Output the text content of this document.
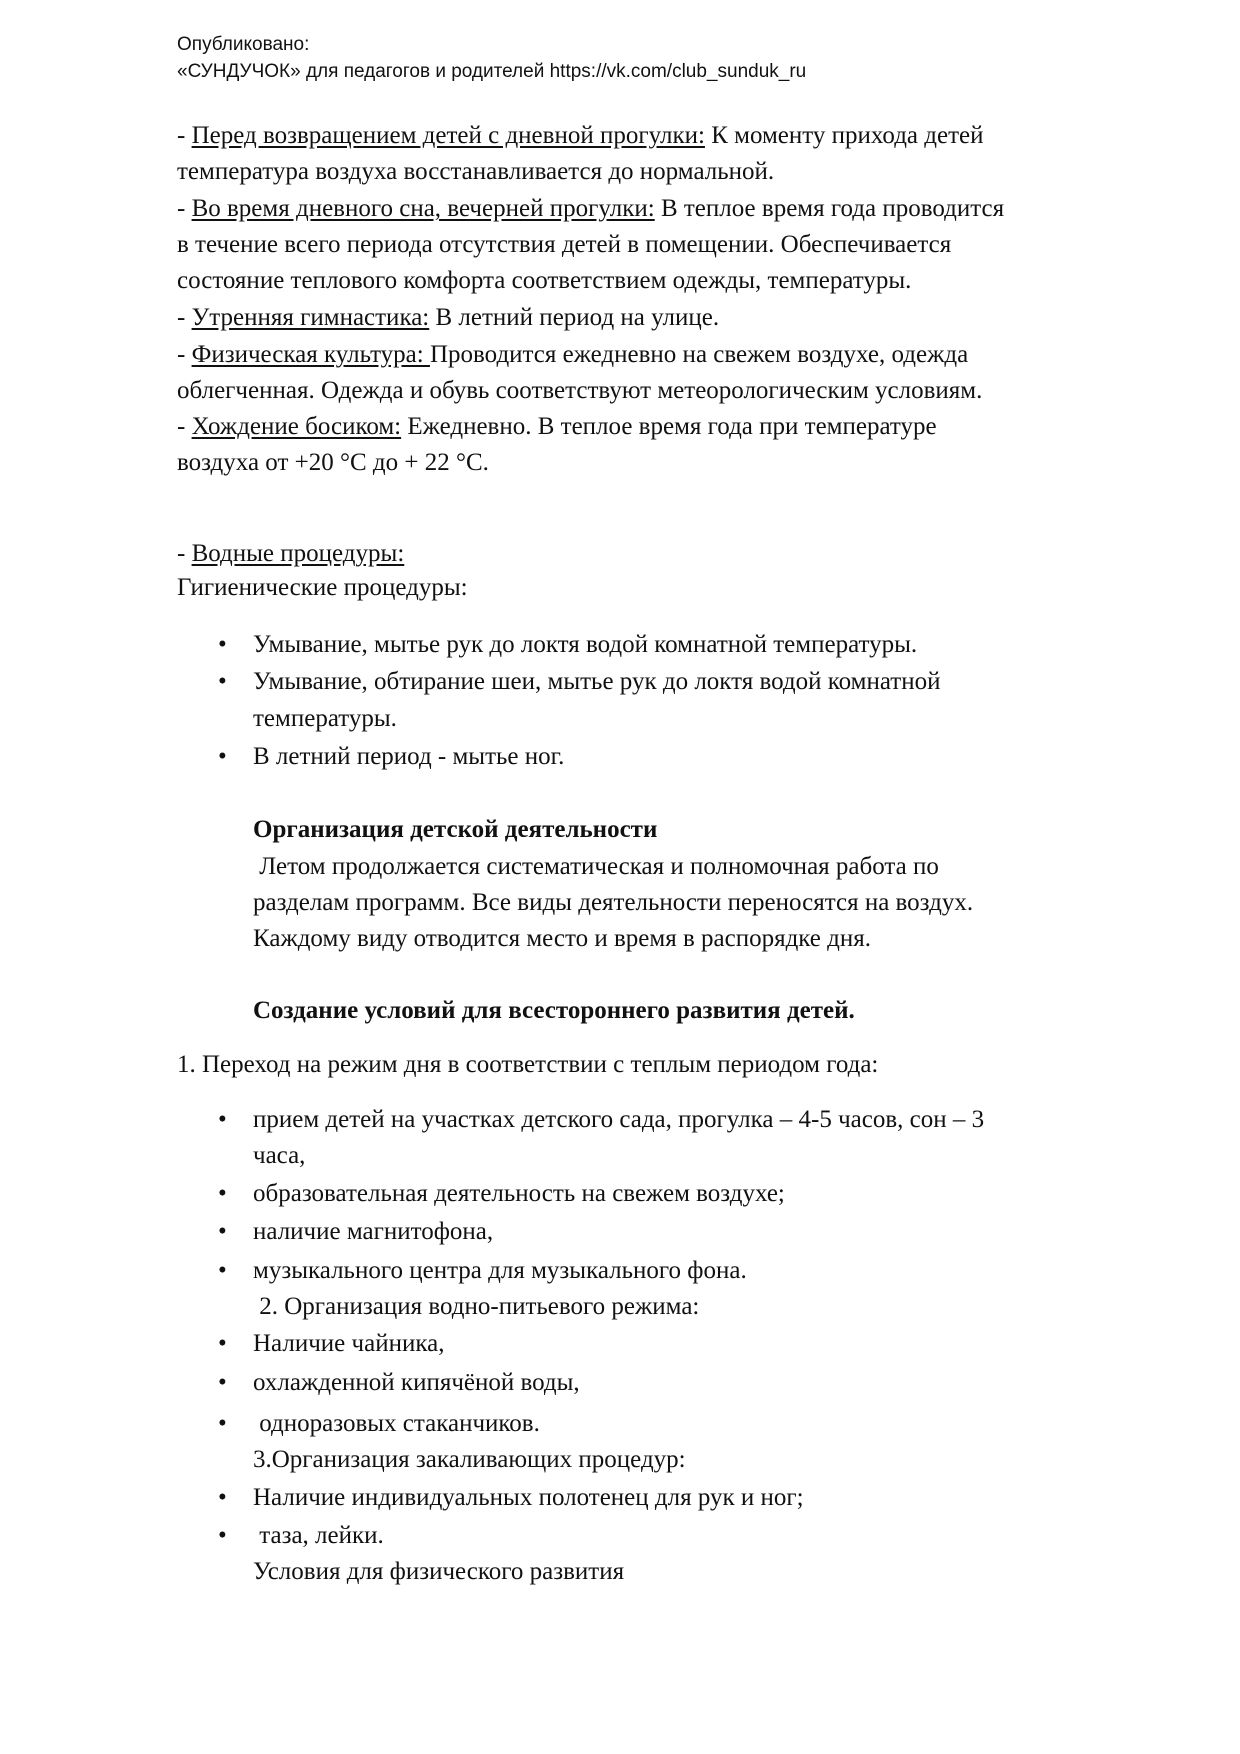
Опубликовано:
«СУНДУЧОК» для педагогов и родителей https://vk.com/club_sunduk_ru
- Перед возвращением детей с дневной прогулки: К моменту прихода детей
температура воздуха восстанавливается до нормальной.
- Во время дневного сна, вечерней прогулки: В теплое время года проводится
в течение всего периода отсутствия детей в помещении. Обеспечивается
состояние теплового комфорта соответствием одежды, температуры.
- Утренняя гимнастика: В летний период на улице.
- Физическая культура: Проводится ежедневно на свежем воздухе, одежда
облегченная. Одежда и обувь соответствуют метеорологическим условиям.
- Хождение босиком: Ежедневно. В теплое время года при температуре
воздуха от +20 °С до + 22 °С.
- Водные процедуры:
Гигиенические процедуры:
• Умывание, мытье рук до локтя водой комнатной температуры.
• Умывание, обтирание шеи, мытье рук до локтя водой комнатной
температуры.
• В летний период - мытье ног.
Организация детской деятельности
Летом продолжается систематическая и полномочная работа по
разделам программ. Все виды деятельности переносятся на воздух.
Каждому виду отводится место и время в распорядке дня.
Создание условий для всестороннего развития детей.
1. Переход на режим дня в соответствии с теплым периодом года:
• прием детей на участках детского сада, прогулка – 4-5 часов, сон – 3
часа,
• образовательная деятельность на свежем воздухе;
• наличие магнитофона,
• музыкального центра для музыкального фона.
2. Организация водно-питьевого режима:
• Наличие чайника,
• охлажденной кипячёной воды,
• одноразовых стаканчиков.
3.Организация закаливающих процедур:
• Наличие индивидуальных полотенец для рук и ног;
• таза, лейки.
Условия для физического развития
